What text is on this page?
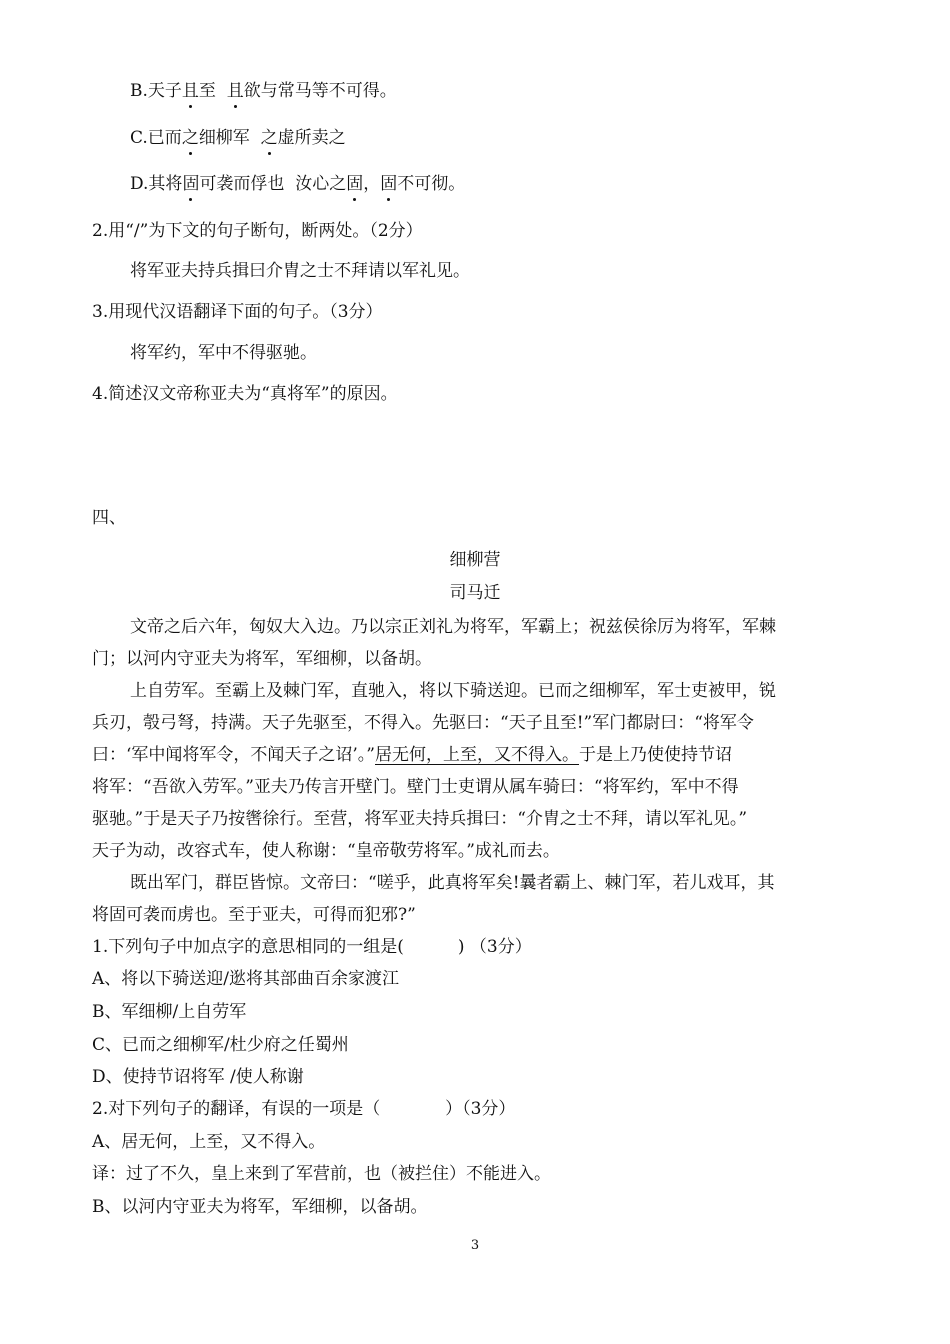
B.天子且至  且欲与常马等不可得。
C.已而之细柳军  之虚所卖之
D.其将固可袭而俘也  汝心之固，固不可彻。
2.用“/”为下文的句子断句，断两处。（2分）
将军亚夫持兵揖曰介胄之士不拜请以军礼见。
3.用现代汉语翻译下面的句子。（3分）
将军约，军中不得驱驰。
4.简述汉文帝称亚夫为“真将军”的原因。
四、
细柳营
司马迁
文帝之后六年，匈奴大入边。乃以宗正刘礼为将军，军霸上；祝兹侯徐厉为将军，军棘
门；以河内守亚夫为将军，军细柳，以备胡。
上自劳军。至霸上及棘门军，直驰入，将以下骑送迎。已而之细柳军，军士吏被甲，锐
兵刃，彀弓弩，持满。天子先驱至，不得入。先驱曰：“天子且至!”军门都尉曰：“将军令
曰：‘军中闻将军令，不闻天子之诏’。”居无何，上至，又不得入。于是上乃使使持节诏
将军：“吾欲入劳军。”亚夫乃传言开壁门。壁门士吏谓从属车骑曰：“将军约，军中不得
驱驰。”于是天子乃按辔徐行。至营，将军亚夫持兵揖曰：“介胄之士不拜，请以军礼见。”
天子为动，改容式车，使人称谢：“皇帝敬劳将军。”成礼而去。
既出军门，群臣皆惊。文帝曰：“嗟乎，此真将军矣!曩者霸上、棘门军，若儿戏耳，其
将固可袭而虏也。至于亚夫，可得而犯邪?”
1.下列句子中加点字的意思相同的一组是(          ) （3分）
A、将以下骑送迎/逖将其部曲百余家渡江
B、军细柳/上自劳军
C、已而之细柳军/杜少府之任蜀州
D、使持节诏将军 /使人称谢
2.对下列句子的翻译，有误的一项是（            ）（3分）
A、居无何，上至，又不得入。
译：过了不久，皇上来到了军营前，也（被拦住）不能进入。
B、以河内守亚夫为将军，军细柳，以备胡。
3
